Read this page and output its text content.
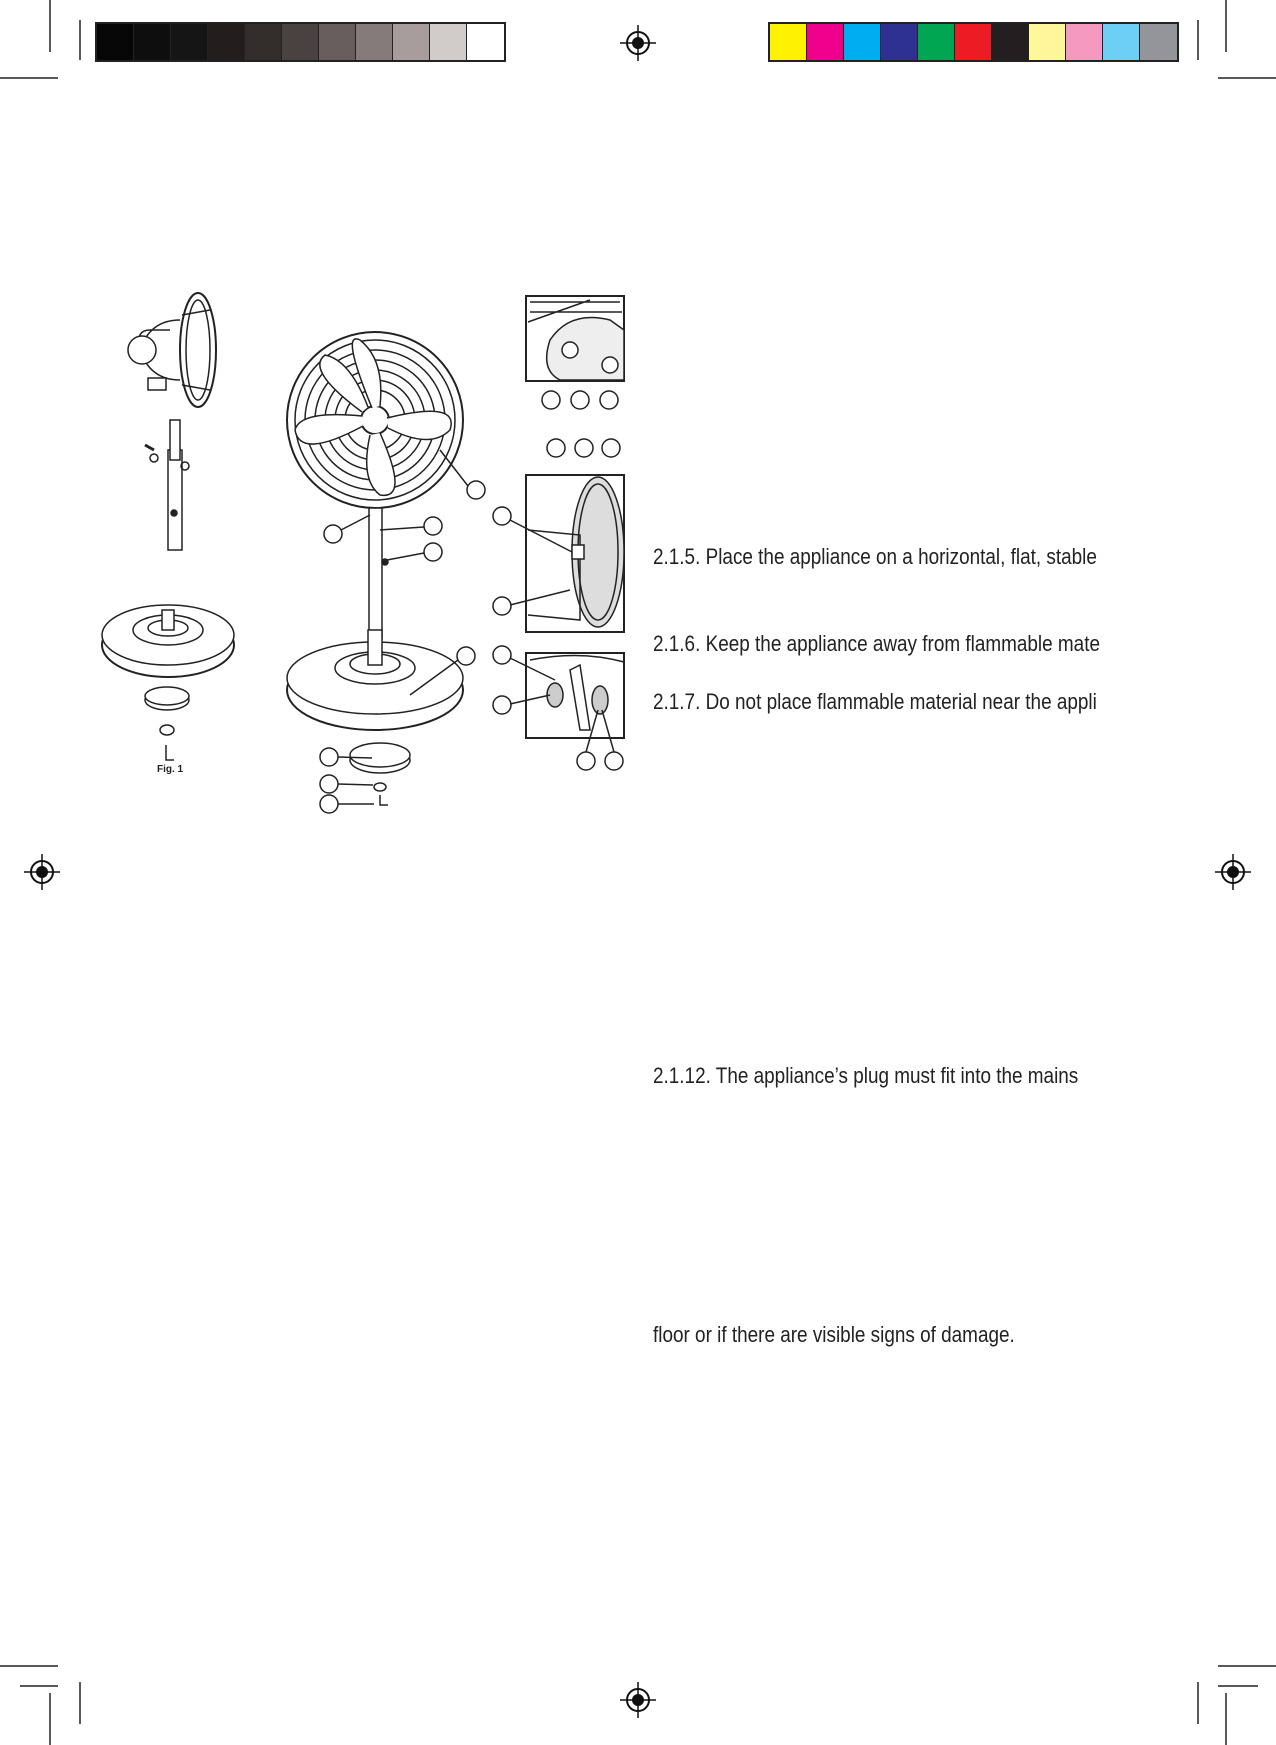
Fig. 1
2.1.5. Place the appliance on a horizontal, flat, stable
2.1.6. Keep the appliance away from flammable mate
2.1.7. Do not place flammable material near the appli
2.1.12. The appliance’s plug must fit into the mains
floor or if there are visible signs of damage.
